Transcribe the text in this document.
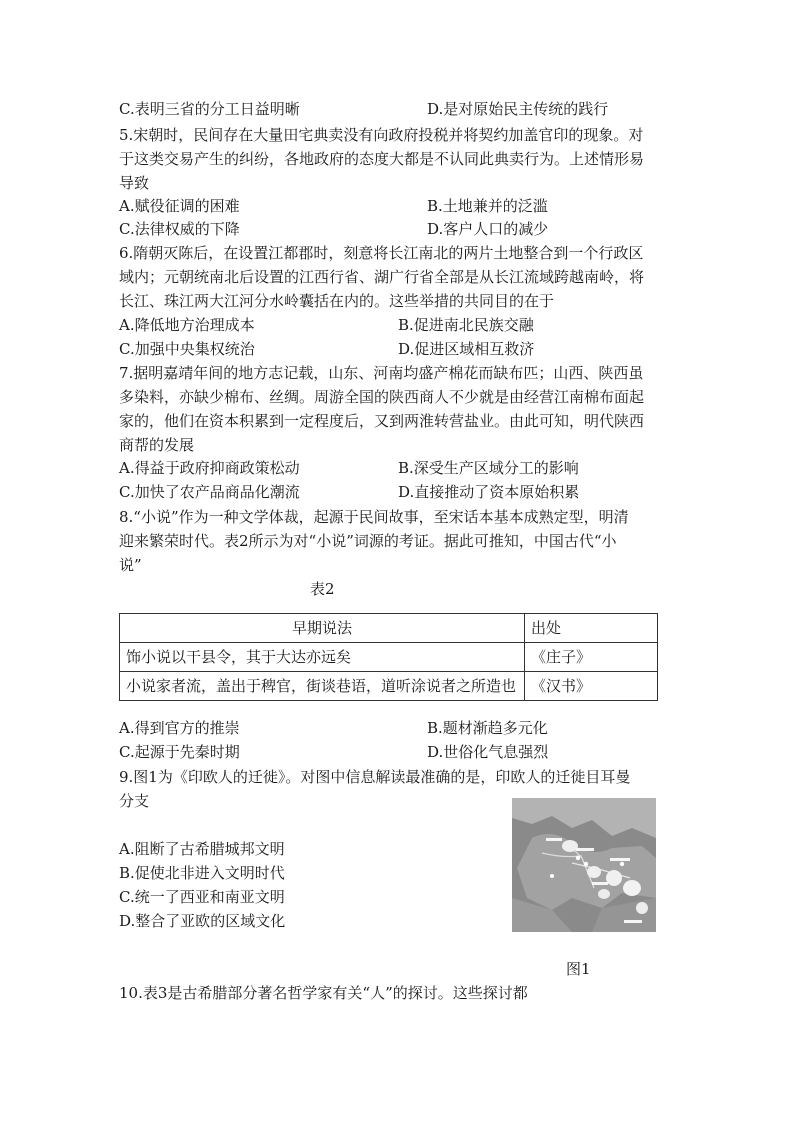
C.表明三省的分工日益明晰	D.是对原始民主传统的践行
5.宋朝时，民间存在大量田宅典卖没有向政府投税并将契约加盖官印的现象。对
于这类交易产生的纠纷，各地政府的态度大都是不认同此典卖行为。上述情形易
导致
A.赋役征调的困难	B.土地兼并的泛滥
C.法律权威的下降	D.客户人口的减少
6.隋朝灭陈后，在设置江都郡时，刻意将长江南北的两片土地整合到一个行政区
域内；元朝统南北后设置的江西行省、湖广行省全部是从长江流域跨越南岭，将
长江、珠江两大江河分水岭囊括在内的。这些举措的共同目的在于
A.降低地方治理成本	B.促进南北民族交融
C.加强中央集权统治	D.促进区域相互救济
7.据明嘉靖年间的地方志记载，山东、河南均盛产棉花而缺布匹；山西、陕西虽
多染料，亦缺少棉布、丝绸。周游全国的陕西商人不少就是由经营江南棉布面起
家的，他们在资本积累到一定程度后，又到两淮转营盐业。由此可知，明代陕西
商帮的发展
A.得益于政府抑商政策松动	B.深受生产区域分工的影响
C.加快了农产品商品化潮流	D.直接推动了资本原始积累
8.“小说”作为一种文学体裁，起源于民间故事，至宋话本基本成熟定型，明清
迎来繁荣时代。表2所示为对“小说”词源的考证。据此可推知，中国古代“小
说”
表2
早期说法	出处
饰小说以干县令，其于大达亦远矣	《庄子》
小说家者流，盖出于稗官，街谈巷语，道听涂说者之所造也	《汉书》
A.得到官方的推崇	B.题材渐趋多元化
C.起源于先秦时期	D.世俗化气息强烈
9.图1为《印欧人的迁徙》。对图中信息解读最准确的是，印欧人的迁徙目耳曼
分支
A.阻断了古希腊城邦文明
B.促使北非进入文明时代
C.统一了西亚和南亚文明
D.整合了亚欧的区域文化
图1
10.表3是古希腊部分著名哲学家有关“人”的探讨。这些探讨都
